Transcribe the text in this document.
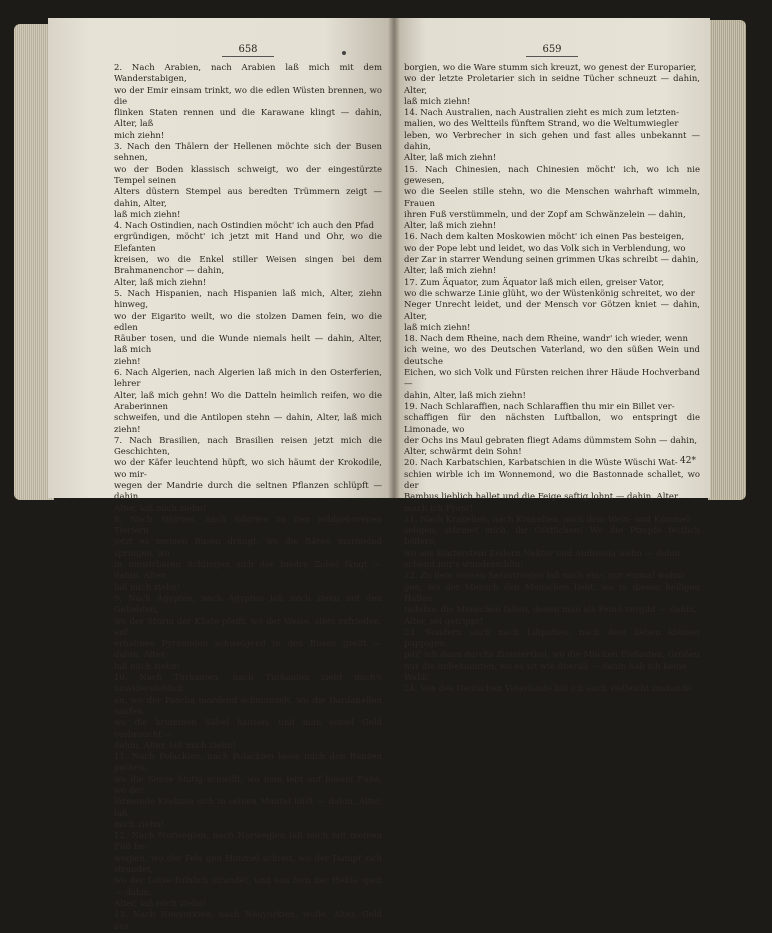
658

2. Nach Arabien, nach Arabien laß mich mit dem Wanderstabigen,

wo der Emir einsam trinkt, wo die edlen Wüsten brennen, wo die

flinken Staten rennen und die Karawane klingt — dahin, Alter, laß

mich ziehn!

3. Nach den Thälern der Hellenen möchte sich der Busen sehnen,

wo der Boden klassisch schweigt, wo der eingestürzte Tempel seinen

Alters düstern Stempel aus beredten Trümmern zeigt — dahin, Alter,

laß mich ziehn!

4. Nach Ostindien, nach Ostindien möcht' ich auch den Pfad

ergründigen, möcht' ich jetzt mit Hand und Ohr, wo die Elefanten

kreisen, wo die Enkel stiller Weisen singen bei dem Brahmanenchor — dahin,

Alter, laß mich ziehn!

5. Nach Hispanien, nach Hispanien laß mich, Alter, ziehn hinweg,

wo der Eigarito weilt, wo die stolzen Damen fein, wo die edlen

Räuber tosen, und die Wunde niemals heilt — dahin, Alter, laß mich

ziehn!

6. Nach Algerien, nach Algerien laß mich in den Osterferien, lehrer

Alter, laß mich gehn! Wo die Datteln heimlich reifen, wo die Araberinnen

schweifen, und die Antilopen stehn — dahin, Alter, laß mich ziehn!

7. Nach Brasilien, nach Brasilien reisen jetzt mich die Geschichten,

wo der Käfer leuchtend hüpft, wo sich häumt der Krokodile, wo mir-

wegen der Mandrie durch die seltnen Pflanzen schlüpft — dahin,

Alter, laß mich ziehn!

8. Nach Sibirien, nach Sibirien zu den wildgeborenen Tieriern

jetzt es meinen Busen drängt, wo die Bären murmelnd springen, wo

in umwirbaren Schlingen sich der biedre Zobel fängt — dahin, Alter,

laß mich ziehn!

9. Nach Ägypten, nach Ägypten laß mich ziehn mit den Geliebten,

wo der Sturm der Küste pfeift, wo der Weise, stets zufrieden, auf

erhabnen Pyramiden schweigend in den Busen greift — dahin, Alter,

laß mich ziehn!

10. Nach Turkanien, nach Turkanien zieht mich's unwiderstehlich

an, wo der Pascha mordend schmunzelt, wo die Dardanellen saufen,

wo die krummen Säbel hausen, und man soviel Geld verbraucht —

dahin, Alter, laß mich ziehn!

11. Nach Polackien, nach Polackien lasse mich den Ranzen packen,

wo die Sense blutig schwillt, wo man lebt auf bösem Fuße, wo der

lärmende Krakuse sich in seinen Mantel hüllt — dahin, Alter, laß

mich ziehn!

12. Nach Norwegien, nach Norwegien laß mich mit meinen Fuß be-

wegien, wo der Fels gen Himmel schreit, wo der Dampf sich strandet,

wo der Lotse fröhlich strandet, und von fern der Hekla speit — dahin,

Alter, laß mich ziehn!

13. Nach Neuyorkien, nach Neuyorkien, wolle, Alter, Geld aus

659

borgien, wo die Ware stumm sich kreuzt, wo genest der Europarier,

wo der letzte Proletarier sich in seidne Tücher schneuzt — dahin, Alter,

laß mich ziehn!

14. Nach Australien, nach Australien zieht es mich zum letzten-

malien, wo des Weltteils fünftem Strand, wo die Weltumwiegler

leben, wo Verbrecher in sich gehen und fast alles unbekannt — dahin,

Alter, laß mich ziehn!

15. Nach Chinesien, nach Chinesien möcht' ich, wo ich nie gewesen,

wo die Seelen stille stehn, wo die Menschen wahrhaft wimmeln, Frauen

ihren Fuß verstümmeln, und der Zopf am Schwänzelein — dahin,

Alter, laß mich ziehn!

16. Nach dem kalten Moskowien möcht' ich einen Pas besteigen,

wo der Pope lebt und leidet, wo das Volk sich in Verblendung, wo

der Zar in starrer Wendung seinen grimmen Ukas schreibt — dahin,

Alter, laß mich ziehn!

17. Zum Äquator, zum Äquator laß mich eilen, greiser Vator,

wo die schwarze Linie glüht, wo der Wüstenkönig schreitet, wo der

Neger Unrecht leidet, und der Mensch vor Götzen kniet — dahin, Alter,

laß mich ziehn!

18. Nach dem Rheine, nach dem Rheine, wandr' ich wieder, wenn

ich weine, wo des Deutschen Vaterland, wo den süßen Wein und deutsche

Eichen, wo sich Volk und Fürsten reichen ihrer Häude Hochverband —

dahin, Alter, laß mich ziehn!

19. Nach Schlaraffien, nach Schlaraffien thu mir ein Billet ver-

schaffigen für den nächsten Luftballon, wo entspringt die Limonade, wo

der Ochs ins Maul gebraten fliegt Adams dümmstem Sohn — dahin,

Alter, schwärmt dein Sohn!

20. Nach Karbatschien, Karbatschien in die Wüste Wüschi Wat-

schien wirble ich im Wonnemond, wo die Bastonnade schallet, wo der

Bambus lieblich hallet und die Feige saftig lohnt — dahin, Alter,

mach ich Front!

21. Nach Krakelien, nach Krakelien, nach dem Wein- und Kümmel-

seligen, stürmet mich, ihr Göttlichen! Wo die Pfropfe festlich böllern,

wo aus klatterstein Kellern Nektar und Ambrosia wehn — dahin

scheint mir's wunderschön!

22. Zu dem weisen Sarastronien laß mich ein-, nur einmal wohni-

gen, wo der Mensch den Menschen liebt, wo in diesen heiligen Hallen

tadellos die Menschen fallen, denen man als Feind vergibt — dahin,

Alter, sei getrippt!

23. Sondern auch nach Liliputien, nach dem lieben kleinen puppigen,

pilz' ich dann durchs Zimmerthal, wo die Mücken Elefanten, Größen

nur die unbekannten, wo es ist wie überall — dahin hab ich keine

Wahl!

24. Von des Deutschen Vaterlande bin ich auch vielleicht imstande

42*
